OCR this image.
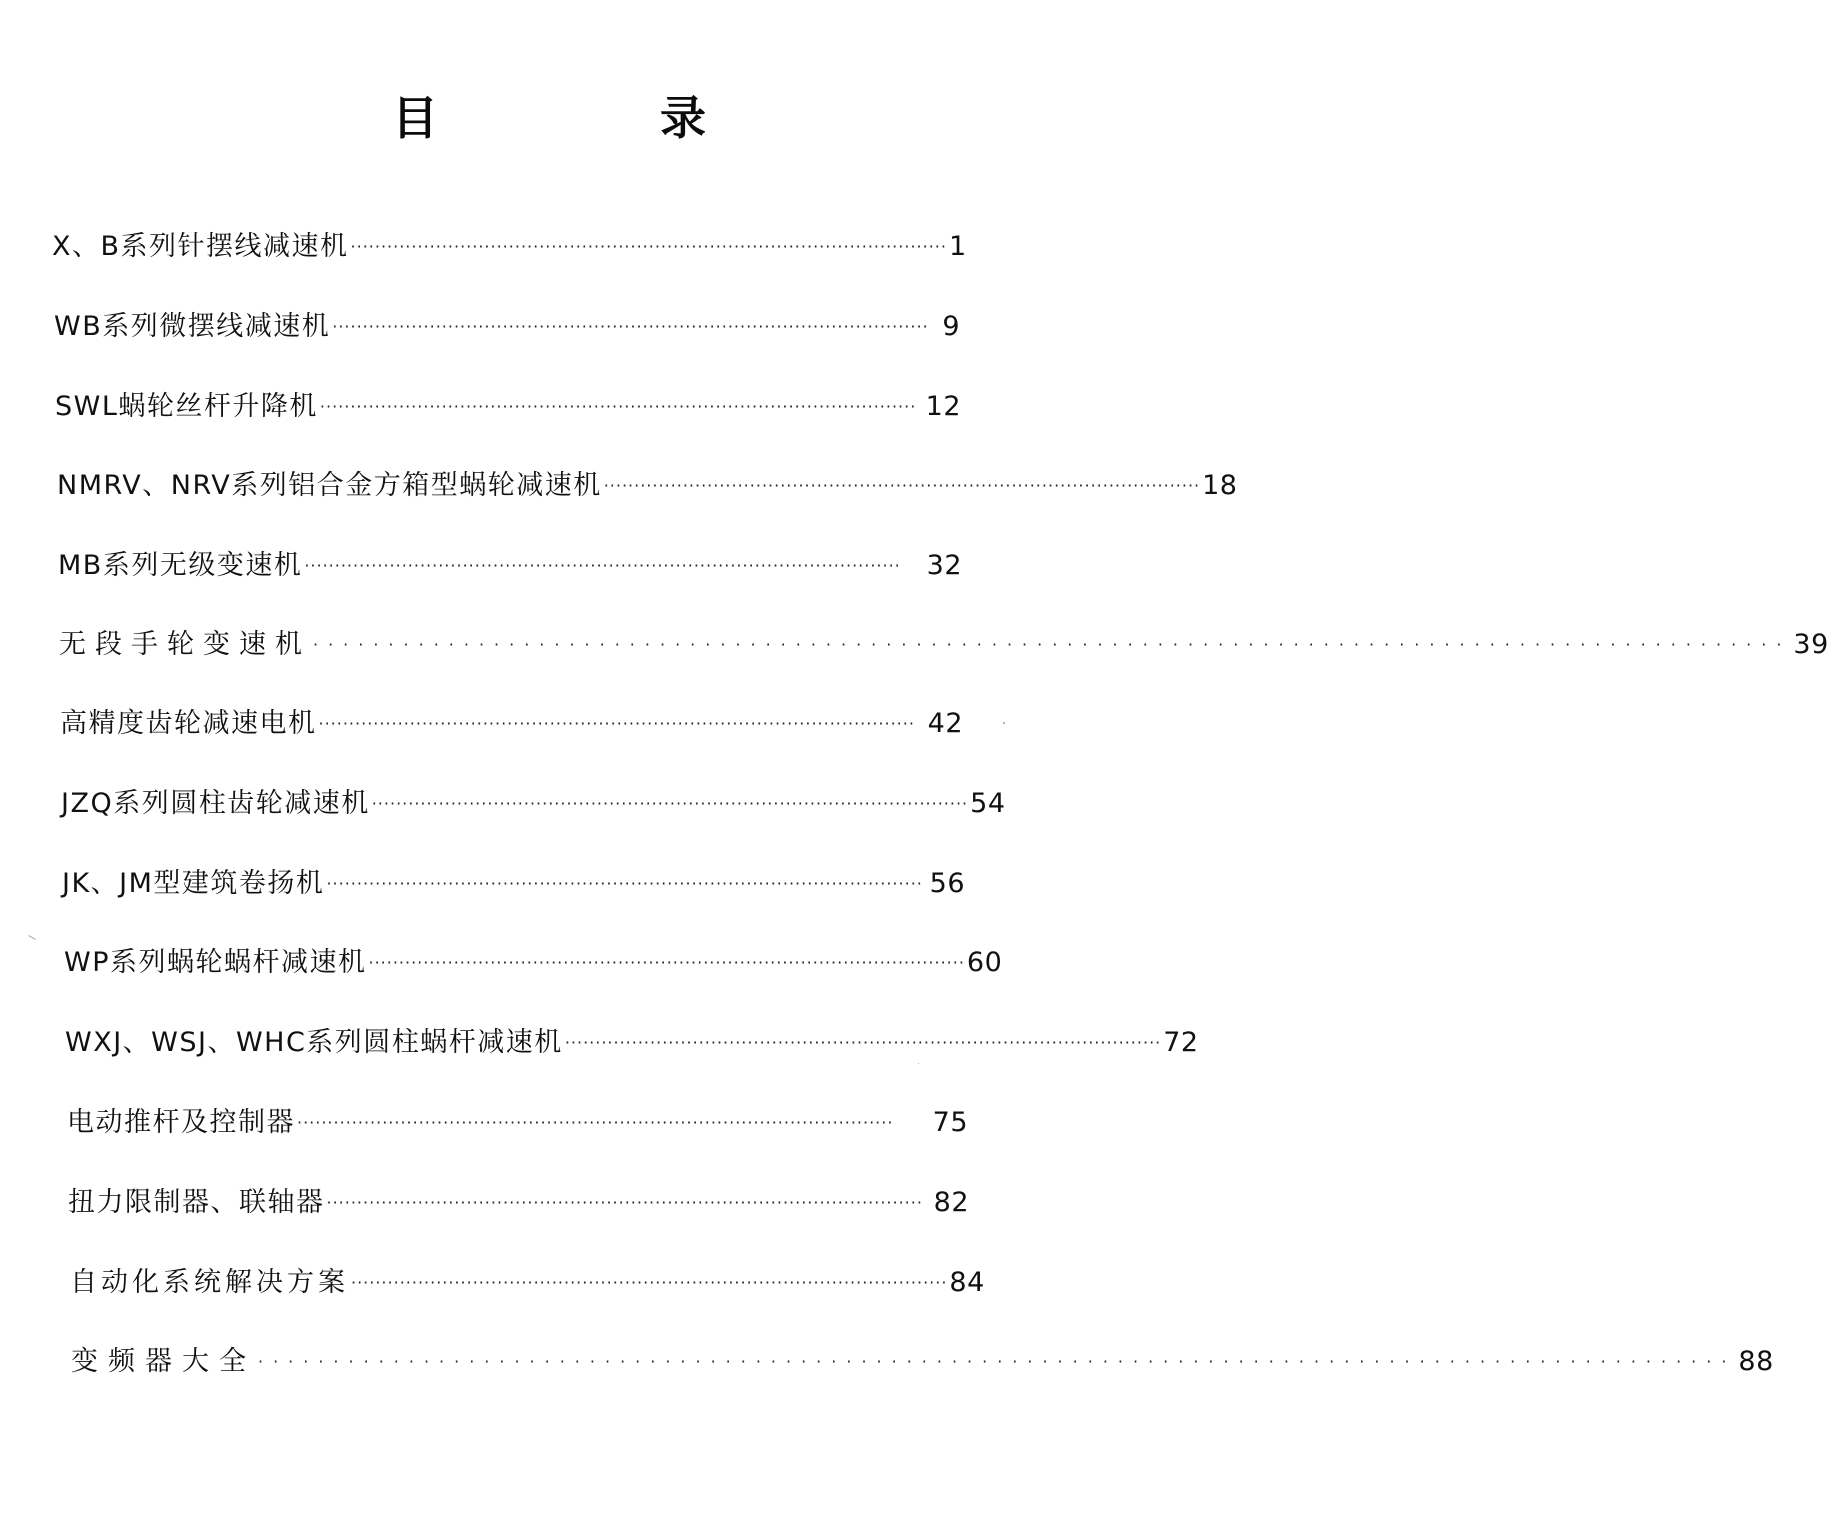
目　录
X、B系列针摆线减速机 ·································································································· 1
WB系列微摆线减速机 ·································································································· 9
SWL蜗轮丝杆升降机 ·································································································· 12
NMRV、NRV系列铝合金方箱型蜗轮减速机 ·································································································· 18
MB系列无级变速机 ·································································································· 32
无段手轮变速机 ·································································································· 39
高精度齿轮减速电机 ·································································································· 42
JZQ系列圆柱齿轮减速机 ·································································································· 54
JK、JM型建筑卷扬机 ·································································································· 56
WP系列蜗轮蜗杆减速机 ·································································································· 60
WXJ、WSJ、WHC系列圆柱蜗杆减速机 ·································································································· 72
电动推杆及控制器 ··································································································	75
扭力限制器、联轴器 ·································································································· 82
自动化系统解决方案 ·································································································· 84
变频器大全 ·································································································· 88
